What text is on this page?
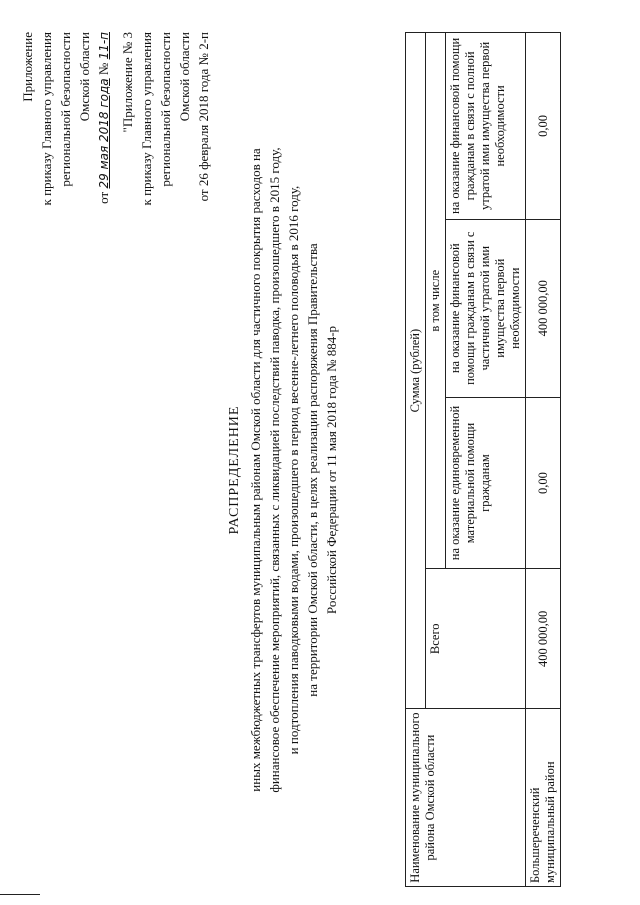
Приложение к приказу Главного управления региональной безопасности Омской области
от 29 мая 2018 года № 11-п "Приложение № 3 к приказу Главного управления региональной безопасности Омской области от 26 февраля 2018 года № 2-п
РАСПРЕДЕЛЕНИЕ иных межбюджетных трансфертов муниципальным районам Омской области для частичного покрытия расходов на финансовое обеспечение мероприятий, связанных с ликвидацией последствий паводка, произошедшего в 2015 году, и подтопления паводковыми водами, произошедшего в период весенне-летнего половодья в 2016 году, на территории Омской области, в целях реализации распоряжения Правительства Российской Федерации от 11 мая 2018 года № 884-р
Наименование муниципального района Омской области	Сумма (рублей)			
	Всего	в том числе		
		на оказание единовременной материальной помощи гражданам	на оказание финансовой помощи гражданам в связи с частичной утратой ими имущества первой необходимости	на оказание финансовой помощи гражданам в связи с полной утратой ими имущества первой необходимости
Большереченский муниципальный район	400 000,00	0,00	400 000,00	0,00
